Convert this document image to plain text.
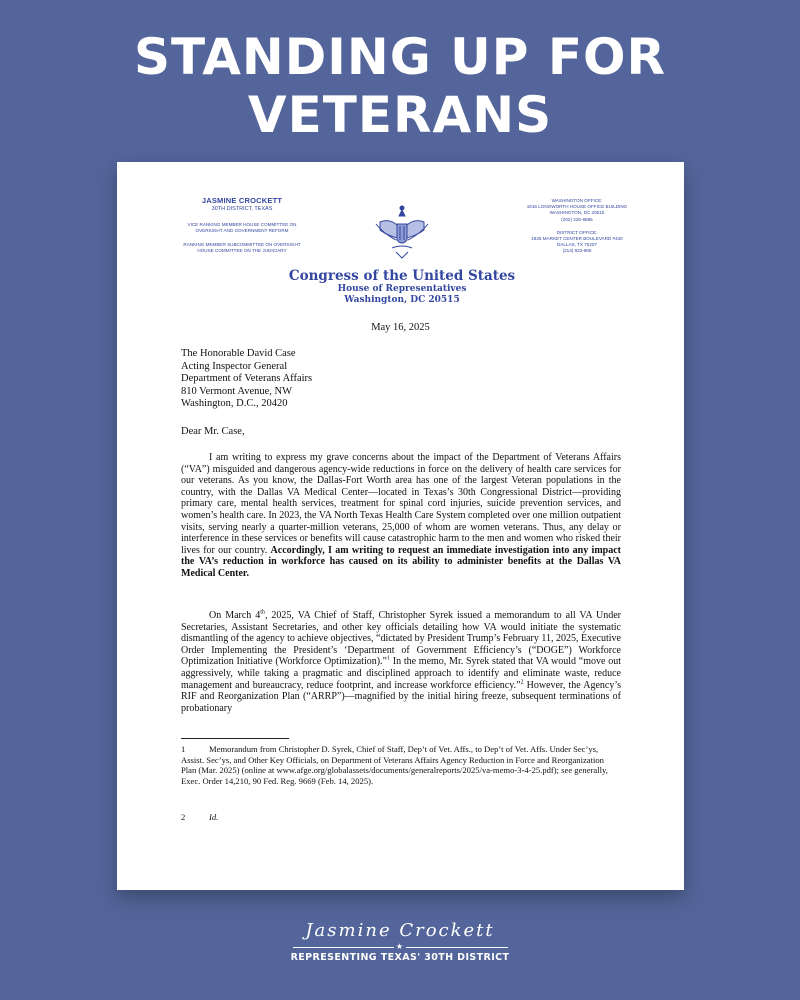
STANDING UP FOR
VETERANS
JASMINE CROCKETT
30TH DISTRICT, TEXAS
VICE RANKING MEMBER HOUSE COMMITTEE ON OVERSIGHT AND GOVERNMENT REFORM
RANKING MEMBER SUBCOMMITTEE ON OVERSIGHT HOUSE COMMITTEE ON THE JUDICIARY
WASHINGTON OFFICE:
1616 LONGWORTH HOUSE OFFICE BUILDING
WASHINGTON, DC 20515
(202) 225-8885
DISTRICT OFFICE:
1825 MARKET CENTER BOULEVARD #440
DALLAS, TX 75207
(214) 922-885
Congress of the United States
House of Representatives
Washington, DC 20515
May 16, 2025
The Honorable David Case
Acting Inspector General
Department of Veterans Affairs
810 Vermont Avenue, NW
Washington, D.C., 20420
Dear Mr. Case,
I am writing to express my grave concerns about the impact of the Department of Veterans Affairs (“VA”) misguided and dangerous agency-wide reductions in force on the delivery of health care services for our veterans. As you know, the Dallas-Fort Worth area has one of the largest Veteran populations in the country, with the Dallas VA Medical Center—located in Texas’s 30th Congressional District—providing primary care, mental health services, treatment for spinal cord injuries, suicide prevention services, and women’s health care. In 2023, the VA North Texas Health Care System completed over one million outpatient visits, serving nearly a quarter-million veterans, 25,000 of whom are women veterans. Thus, any delay or interference in these services or benefits will cause catastrophic harm to the men and women who risked their lives for our country. Accordingly, I am writing to request an immediate investigation into any impact the VA’s reduction in workforce has caused on its ability to administer benefits at the Dallas VA Medical Center.
On March 4th, 2025, VA Chief of Staff, Christopher Syrek issued a memorandum to all VA Under Secretaries, Assistant Secretaries, and other key officials detailing how VA would initiate the systematic dismantling of the agency to achieve objectives, “dictated by President Trump’s February 11, 2025, Executive Order Implementing the President’s ‘Department of Government Efficiency’s (“DOGE”) Workforce Optimization Initiative (Workforce Optimization).”$^1$ In the memo, Mr. Syrek stated that VA would “move out aggressively, while taking a pragmatic and disciplined approach to identify and eliminate waste, reduce management and bureaucracy, reduce footprint, and increase workforce efficiency.”$^2$ However, the Agency’s RIF and Reorganization Plan (“ARRP”)—magnified by the initial hiring freeze, subsequent terminations of probationary
1	Memorandum from Christopher D. Syrek, Chief of Staff, Dep’t of Vet. Affs., to Dep’t of Vet. Affs. Under Sec’ys, Assist. Sec’ys, and Other Key Officials, on Department of Veterans Affairs Agency Reduction in Force and Reorganization Plan (Mar. 2025) (online at www.afge.org/globalassets/documents/generalreports/2025/va-memo-3-4-25.pdf); see generally, Exec. Order 14,210, 90 Fed. Reg. 9669 (Feb. 14, 2025).
2	Id.
Jasmine Crockett
★
REPRESENTING TEXAS' 30TH DISTRICT
